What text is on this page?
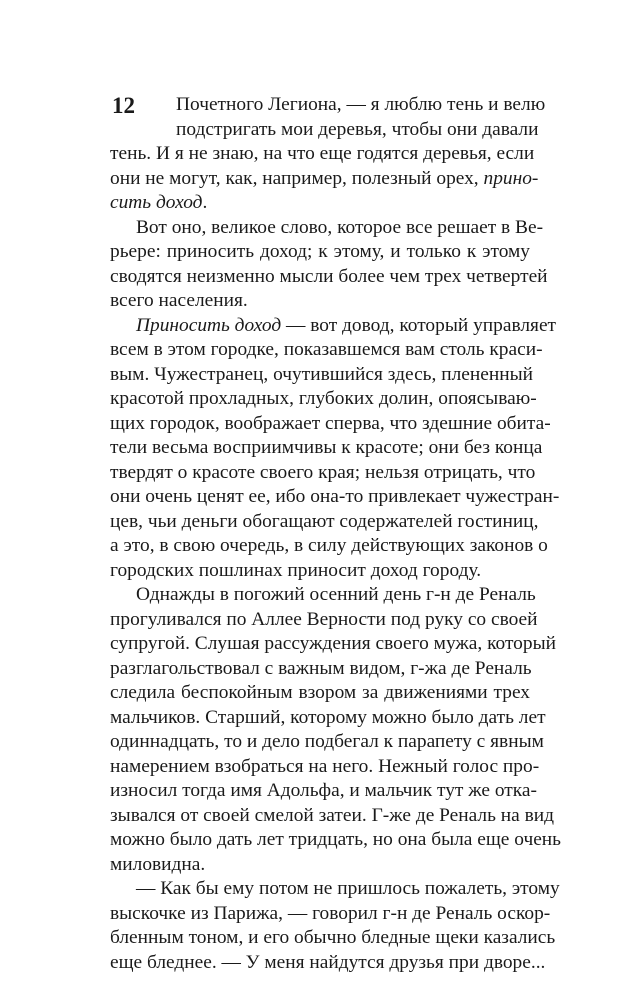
12	Почетного Легиона, — я люблю тень и велю
подстригать мои деревья, чтобы они давали
тень. И я не знаю, на что еще годятся деревья, если
они не могут, как, например, полезный орех, прино-
сить доход.
Вот оно, великое слово, которое все решает в Ве-
рьере: приносить доход; к этому, и только к этому
сводятся неизменно мысли более чем трех четвертей
всего населения.
Приносить доход — вот довод, который управляет
всем в этом городке, показавшемся вам столь краси-
вым. Чужестранец, очутившийся здесь, плененный
красотой прохладных, глубоких долин, опоясываю-
щих городок, воображает сперва, что здешние обита-
тели весьма восприимчивы к красоте; они без конца
твердят о красоте своего края; нельзя отрицать, что
они очень ценят ее, ибо она-то привлекает чужестран-
цев, чьи деньги обогащают содержателей гостиниц,
а это, в свою очередь, в силу действующих законов о
городских пошлинах приносит доход городу.
Однажды в погожий осенний день г-н де Реналь
прогуливался по Аллее Верности под руку со своей
супругой. Слушая рассуждения своего мужа, который
разглагольствовал с важным видом, г-жа де Реналь
следила беспокойным взором за движениями трех
мальчиков. Старший, которому можно было дать лет
одиннадцать, то и дело подбегал к парапету с явным
намерением взобраться на него. Нежный голос про-
износил тогда имя Адольфа, и мальчик тут же отка-
зывался от своей смелой затеи. Г-же де Реналь на вид
можно было дать лет тридцать, но она была еще очень
миловидна.
— Как бы ему потом не пришлось пожалеть, этому
выскочке из Парижа, — говорил г-н де Реналь оскор-
бленным тоном, и его обычно бледные щеки казались
еще бледнее. — У меня найдутся друзья при дворе...
